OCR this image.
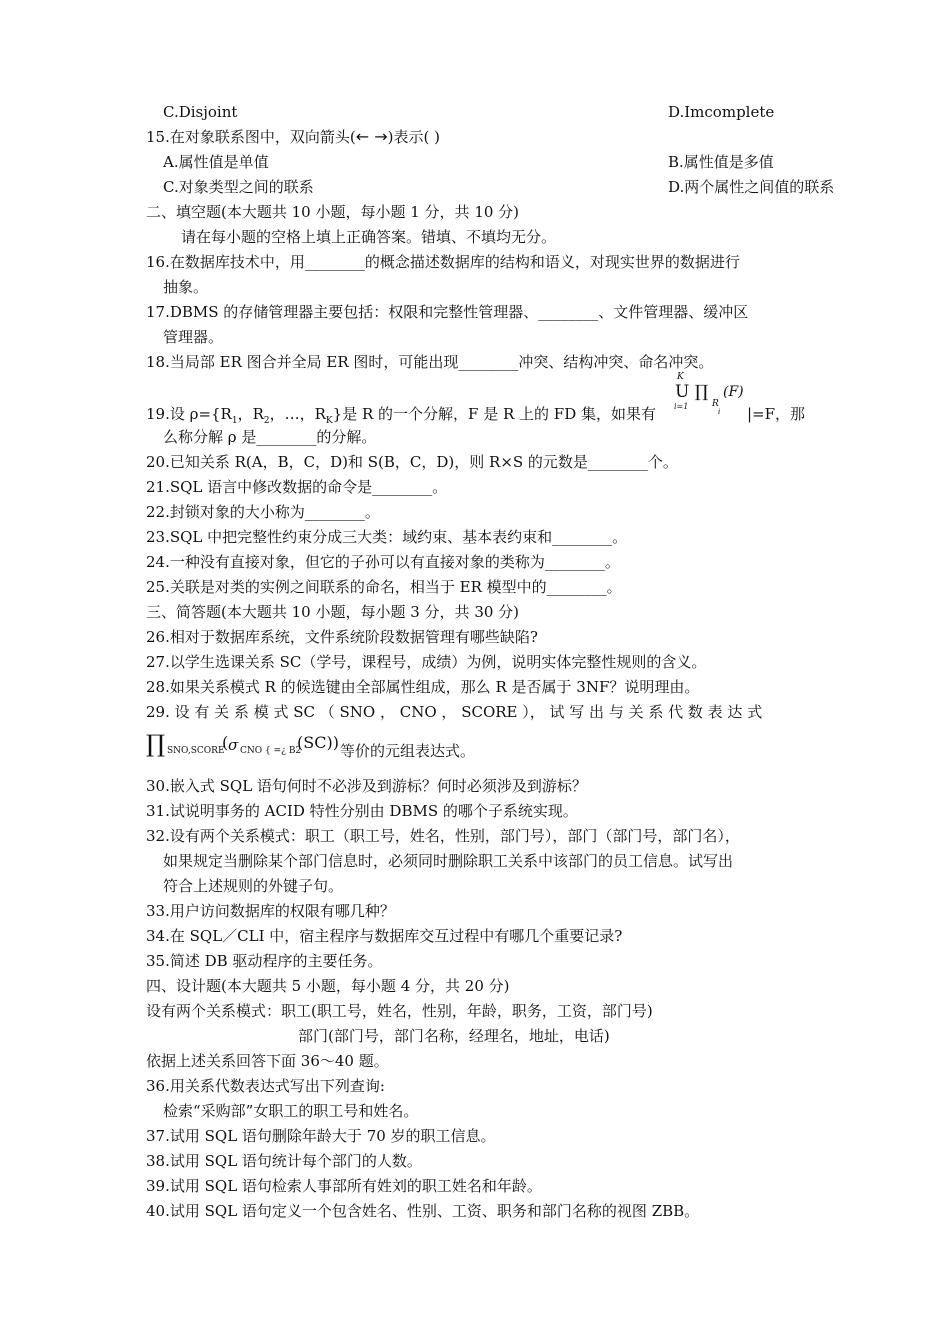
C.Disjoint	D.Imcomplete
15.在对象联系图中，双向箭头(← →)表示( )
A.属性值是单值	B.属性值是多值
C.对象类型之间的联系	D.两个属性之间值的联系
二、填空题(本大题共 10 小题，每小题 1 分，共 10 分)
请在每小题的空格上填上正确答案。错填、不填均无分。
16.在数据库技术中，用________的概念描述数据库的结构和语义，对现实世界的数据进行
抽象。
17.DBMS 的存储管理器主要包括：权限和完整性管理器、________、文件管理器、缓冲区
管理器。
18.当局部 ER 图合并全局 ER 图时，可能出现________冲突、结构冲突、命名冲突。
K
U ∏
i=1	R
i
(F)
19.设 $\rho=\{R_1$，$R_2$，…，$R_K$}是 R 的一个分解，F 是 R 上的 FD 集，如果有	|=F，那
么称分解 ρ 是________的分解。
20.已知关系 R(A，B，C，D)和 S(B，C，D)，则 R×S 的元数是________个。
21.SQL 语言中修改数据的命令是________。
22.封锁对象的大小称为________。
23.SQL 中把完整性约束分成三大类：域约束、基本表约束和________。
24.一种没有直接对象，但它的子孙可以有直接对象的类称为________。
25.关联是对类的实例之间联系的命名，相当于 ER 模型中的________。
三、简答题(本大题共 10 小题，每小题 3 分，共 30 分)
26.相对于数据库系统，文件系统阶段数据管理有哪些缺陷?
27.以学生选课关系 SC（学号，课程号，成绩）为例，说明实体完整性规则的含义。
28.如果关系模式 R 的候选键由全部属性组成，那么 R 是否属于 3NF？说明理由。
29. 设 有 关 系 模 式 SC （ SNO ， CNO ， SCORE ）， 试 写 出 与 关 系 代 数 表 达 式
∏ SNO,SCORE
( σ CNO { =¿ B2
(SC)) 等价的元组表达式。
30.嵌入式 SQL 语句何时不必涉及到游标？何时必须涉及到游标？
31.试说明事务的 ACID 特性分别由 DBMS 的哪个子系统实现。
32.设有两个关系模式：职工（职工号，姓名，性别，部门号），部门（部门号，部门名），
如果规定当删除某个部门信息时，必须同时删除职工关系中该部门的员工信息。试写出
符合上述规则的外键子句。
33.用户访问数据库的权限有哪几种？
34.在 SQL／CLI 中，宿主程序与数据库交互过程中有哪几个重要记录?
35.简述 DB 驱动程序的主要任务。
四、设计题(本大题共 5 小题，每小题 4 分，共 20 分)
设有两个关系模式：职工(职工号，姓名，性别，年龄，职务，工资，部门号)
部门(部门号，部门名称，经理名，地址，电话)
依据上述关系回答下面 36～40 题。
36.用关系代数表达式写出下列查询:
检索“采购部”女职工的职工号和姓名。
37.试用 SQL 语句删除年龄大于 70 岁的职工信息。
38.试用 SQL 语句统计每个部门的人数。
39.试用 SQL 语句检索人事部所有姓刘的职工姓名和年龄。
40.试用 SQL 语句定义一个包含姓名、性别、工资、职务和部门名称的视图 ZBB。
